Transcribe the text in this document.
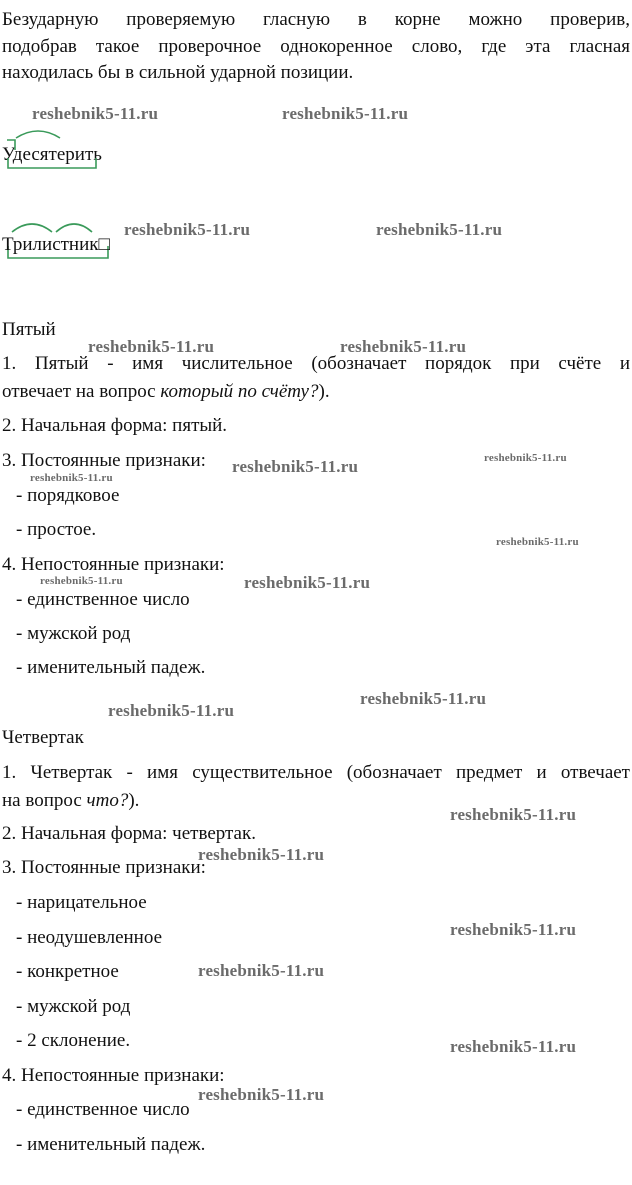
Безударную проверяемую гласную в корне можно проверив,
подобрав такое проверочное однокоренное слово, где эта гласная
находилась бы в сильной ударной позиции.
Удесятерить
Трилистник□
Пятый
1. Пятый - имя числительное (обозначает порядок при счёте и
отвечает на вопрос который по счёту?).
2. Начальная форма: пятый.
3. Постоянные признаки:
- порядковое
- простое.
4. Непостоянные признаки:
- единственное число
- мужской род
- именительный падеж.
Четвертак
1. Четвертак - имя существительное (обозначает предмет и отвечает
на вопрос что?).
2. Начальная форма: четвертак.
3. Постоянные признаки:
- нарицательное
- неодушевленное
- конкретное
- мужской род
- 2 склонение.
4. Непостоянные признаки:
- единственное число
- именительный падеж.
reshebnik5-11.ru	reshebnik5-11.ru
reshebnik5-11.ru	reshebnik5-11.ru
reshebnik5-11.ru	reshebnik5-11.ru
reshebnik5-11.ru	reshebnik5-11.ru
reshebnik5-11.ru
reshebnik5-11.ru
reshebnik5-11.ru	reshebnik5-11.ru
reshebnik5-11.ru
reshebnik5-11.ru
reshebnik5-11.ru
reshebnik5-11.ru
reshebnik5-11.ru
reshebnik5-11.ru
reshebnik5-11.ru
reshebnik5-11.ru
